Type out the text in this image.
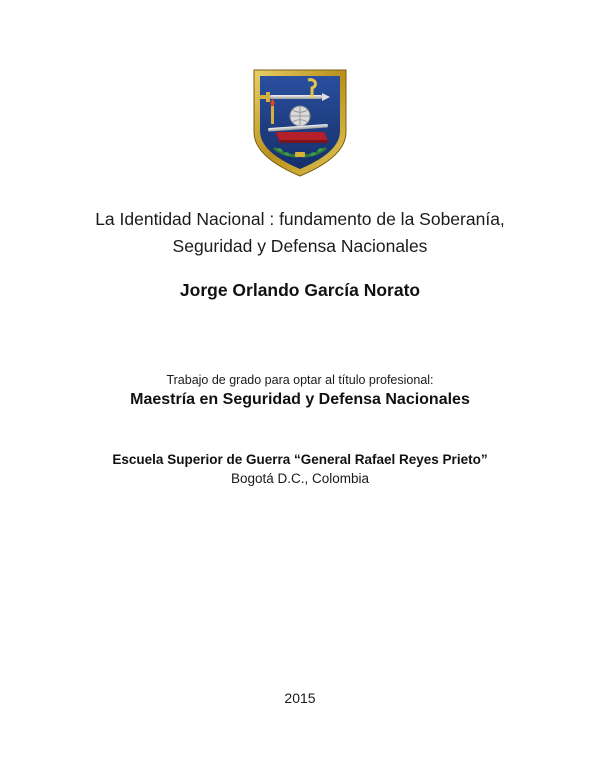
La Identidad Nacional : fundamento de la Soberanía,
Seguridad y Defensa Nacionales
Jorge Orlando García Norato
Trabajo de grado para optar al título profesional:
Maestría en Seguridad y Defensa Nacionales
Escuela Superior de Guerra “General Rafael Reyes Prieto”
Bogotá D.C., Colombia
2015
